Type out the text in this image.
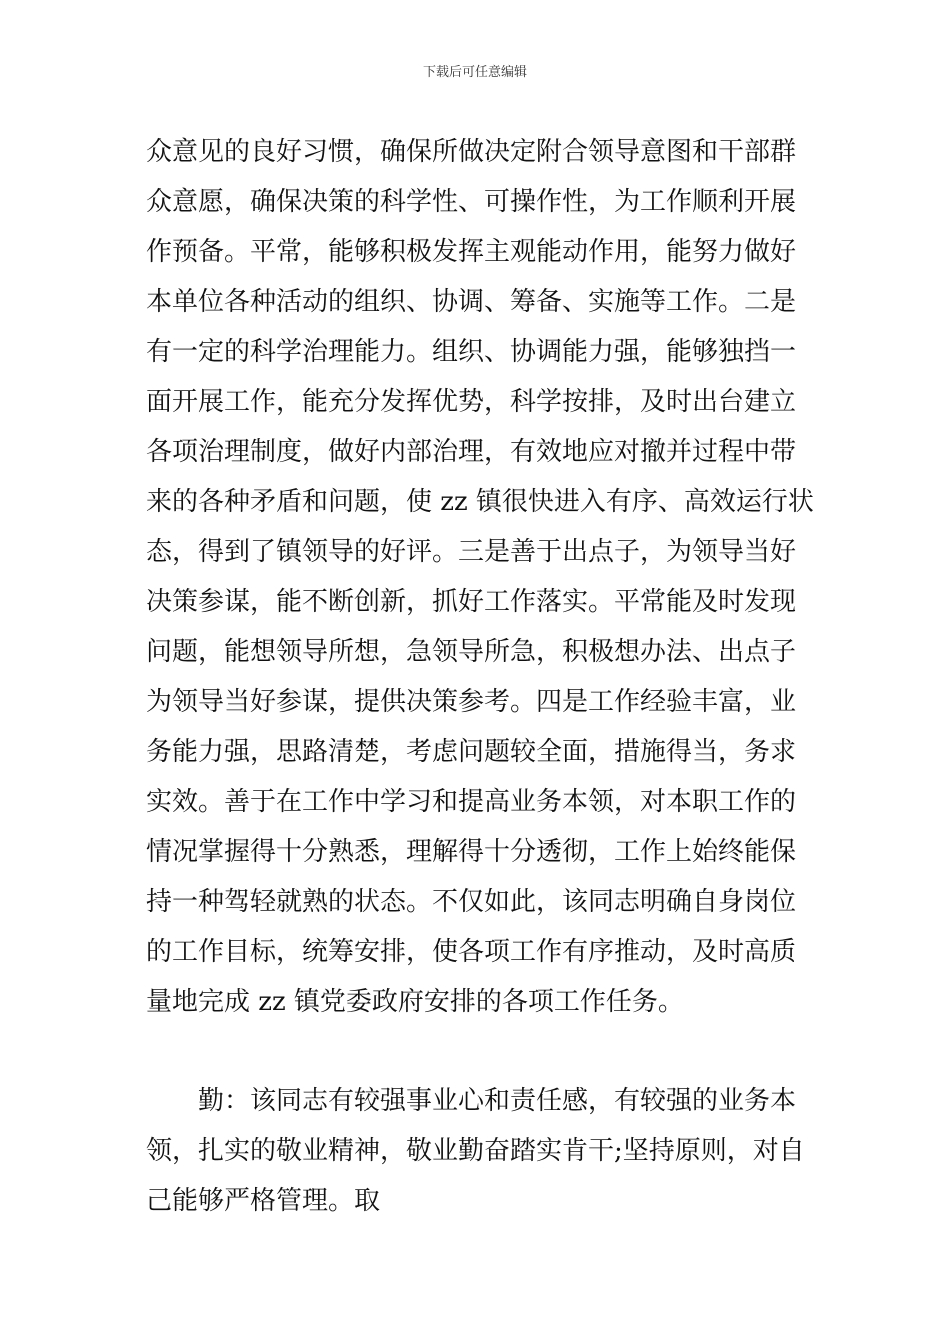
下载后可任意编辑
众意见的良好习惯，确保所做决定附合领导意图和干部群
众意愿，确保决策的科学性、可操作性，为工作顺利开展
作预备。平常，能够积极发挥主观能动作用，能努力做好
本单位各种活动的组织、协调、筹备、实施等工作。二是
有一定的科学治理能力。组织、协调能力强，能够独挡一
面开展工作，能充分发挥优势，科学按排，及时出台建立
各项治理制度，做好内部治理，有效地应对撤并过程中带
来的各种矛盾和问题，使 zz 镇很快进入有序、高效运行状
态，得到了镇领导的好评。三是善于出点子，为领导当好
决策参谋，能不断创新，抓好工作落实。平常能及时发现
问题，能想领导所想，急领导所急，积极想办法、出点子
为领导当好参谋，提供决策参考。四是工作经验丰富，业
务能力强，思路清楚，考虑问题较全面，措施得当，务求
实效。善于在工作中学习和提高业务本领，对本职工作的
情况掌握得十分熟悉，理解得十分透彻，工作上始终能保
持一种驾轻就熟的状态。不仅如此，该同志明确自身岗位
的工作目标，统筹安排，使各项工作有序推动，及时高质
量地完成 zz 镇党委政府安排的各项工作任务。
　　勤：该同志有较强事业心和责任感，有较强的业务本
领，扎实的敬业精神，敬业勤奋踏实肯干;坚持原则，对自
己能够严格管理。取
